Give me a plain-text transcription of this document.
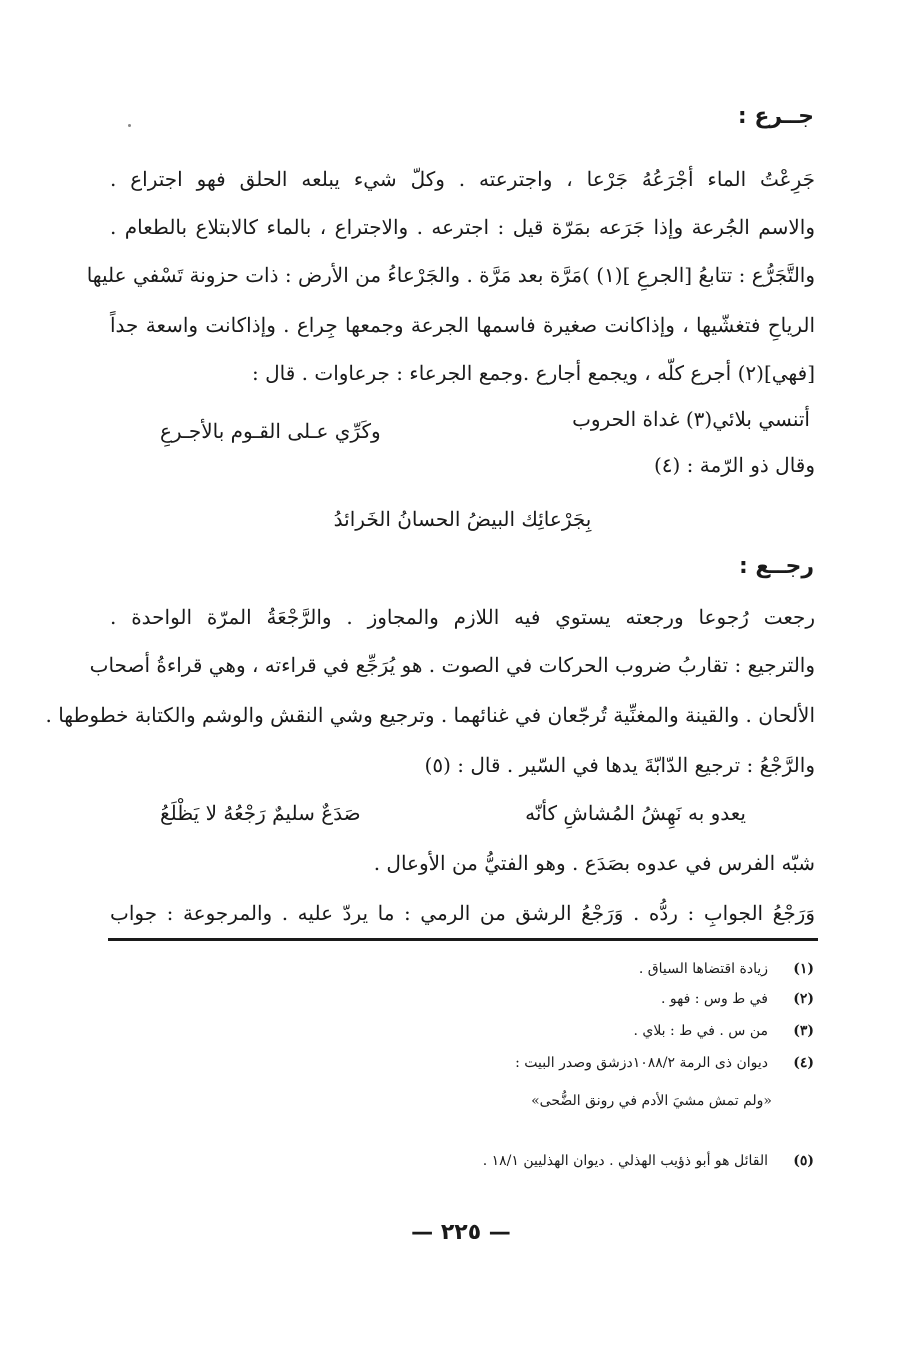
جــرع :
جَرِعْتُ الماء أجْرَعُهُ جَرْعا ، واجترعته . وكلّ شيء يبلعه الحلق فهو اجتراع .
والاسم الجُرعة وإذا جَرَعه بمَرّة قيل : اجترعه . والاجتراع ، بالماء كالابتلاع بالطعام .
والتَّجَرُّع : تتابعُ [الجرعِ ](١) )مَرَّة بعد مَرَّة . والجَرْعاءُ من الأرض : ذات حزونة تَسْفي عليها
الرياحِ فتغشّيها ، وإذاكانت صغيرة فاسمها الجرعة وجمعها جِراع . وإذاكانت واسعة جداً
[فهي](٢) أجرع كلّه ، ويجمع أجارع .وجمع الجرعاء : جرعاوات . قال :
أتنسي بلائي(٣) غداة الحروب
وكَرِّي عـلى القـوم بالأجـرعِ
وقال ذو الرّمة : (٤)
بِجَرْعائِك البيضُ الحسانُ الخَرائدُ
رجــع :
رجعت رُجوعا ورجعته يستوي فيه اللازم والمجاوز . والرَّجْعَةُ المرّة الواحدة .
والترجيع : تقاربُ ضروب الحركات في الصوت . هو يُرَجِّع في قراءته ، وهي قراءةُ أصحاب
الألحان . والقينة والمغنِّية تُرجّعان في غنائهما . وترجيع وشي النقش والوشم والكتابة خطوطها .
والرَّجْعُ : ترجيع الدّابّةَ يدها في السّير . قال : (٥)
يعدو به نَهِشُ المُشاشِ كأنّه
صَدَعٌ سليمٌ رَجْعُهُ لا يَظْلَعُ
شبّه الفرس في عدوه بصَدَع . وهو الفتيُّ من الأوعال .
وَرَجْعُ الجوابِ : ردُّه . وَرَجْعُ الرشق من الرمي : ما يردّ عليه . والمرجوعة : جواب
(١)زيادة اقتضاها السياق .
(٢)في ط وس : فهو .
(٣)من س . في ط : بلاي .
(٤)ديوان ذى الرمة ١٠٨٨/٢دزشق وصدر البيت :
«ولم تمش مشيَ الأدم في رونق الضُّحى»
(٥)القائل هو أبو ذؤيب الهذلي . ديوان الهذليين ١٨/١ .
— ٢٢٥ —
